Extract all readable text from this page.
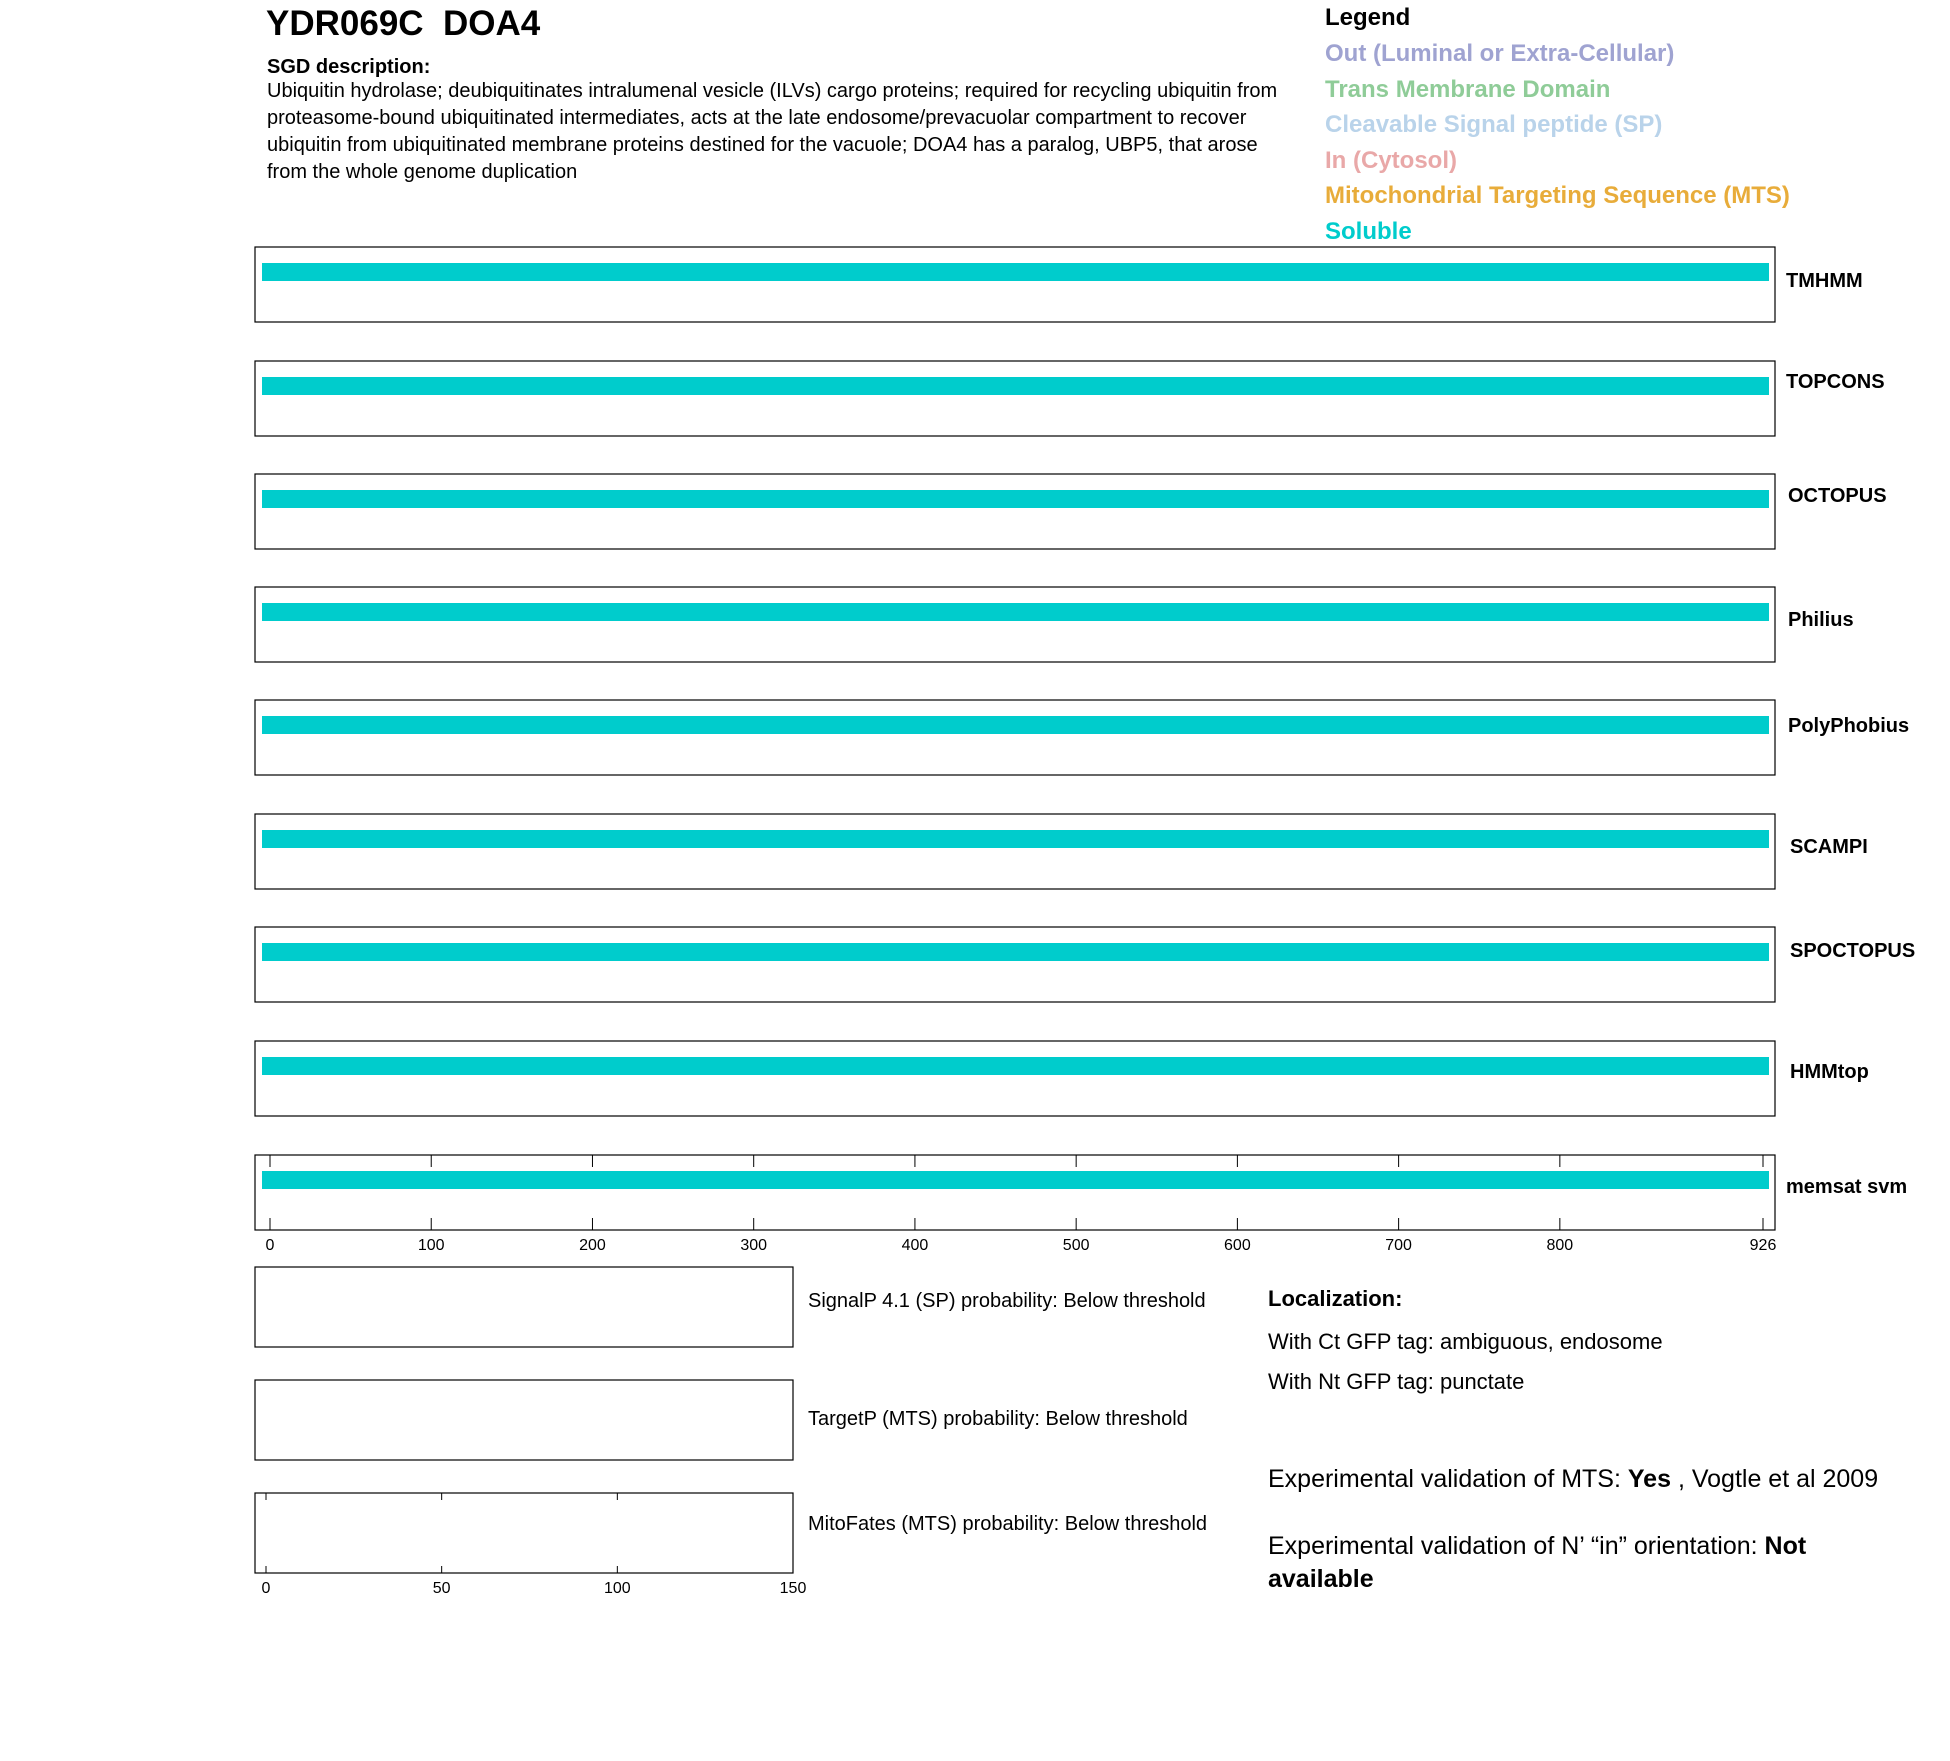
YDR069C  DOA4
SGD description:
Ubiquitin hydrolase; deubiquitinates intralumenal vesicle (ILVs) cargo proteins; required for recycling ubiquitin from proteasome-bound ubiquitinated intermediates, acts at the late endosome/prevacuolar compartment to recover ubiquitin from ubiquitinated membrane proteins destined for the vacuole; DOA4 has a paralog, UBP5, that arose from the whole genome duplication
Legend
Out (Luminal or Extra-Cellular)
Trans Membrane Domain
Cleavable Signal peptide (SP)
In (Cytosol)
Mitochondrial Targeting Sequence (MTS)
Soluble
TMHMM
TOPCONS
OCTOPUS
Philius
PolyPhobius
SCAMPI
SPOCTOPUS
HMMtop
memsat svm
0	100	200	300	400	500	600	700	800	926
SignalP 4.1 (SP) probability: Below threshold
TargetP (MTS) probability: Below threshold
MitoFates (MTS) probability: Below threshold
0	50	100	150
Localization:
With Ct GFP tag: ambiguous, endosome
With Nt GFP tag: punctate
Experimental validation of MTS: Yes , Vogtle et al 2009
Experimental validation of N’ “in” orientation: Not available
